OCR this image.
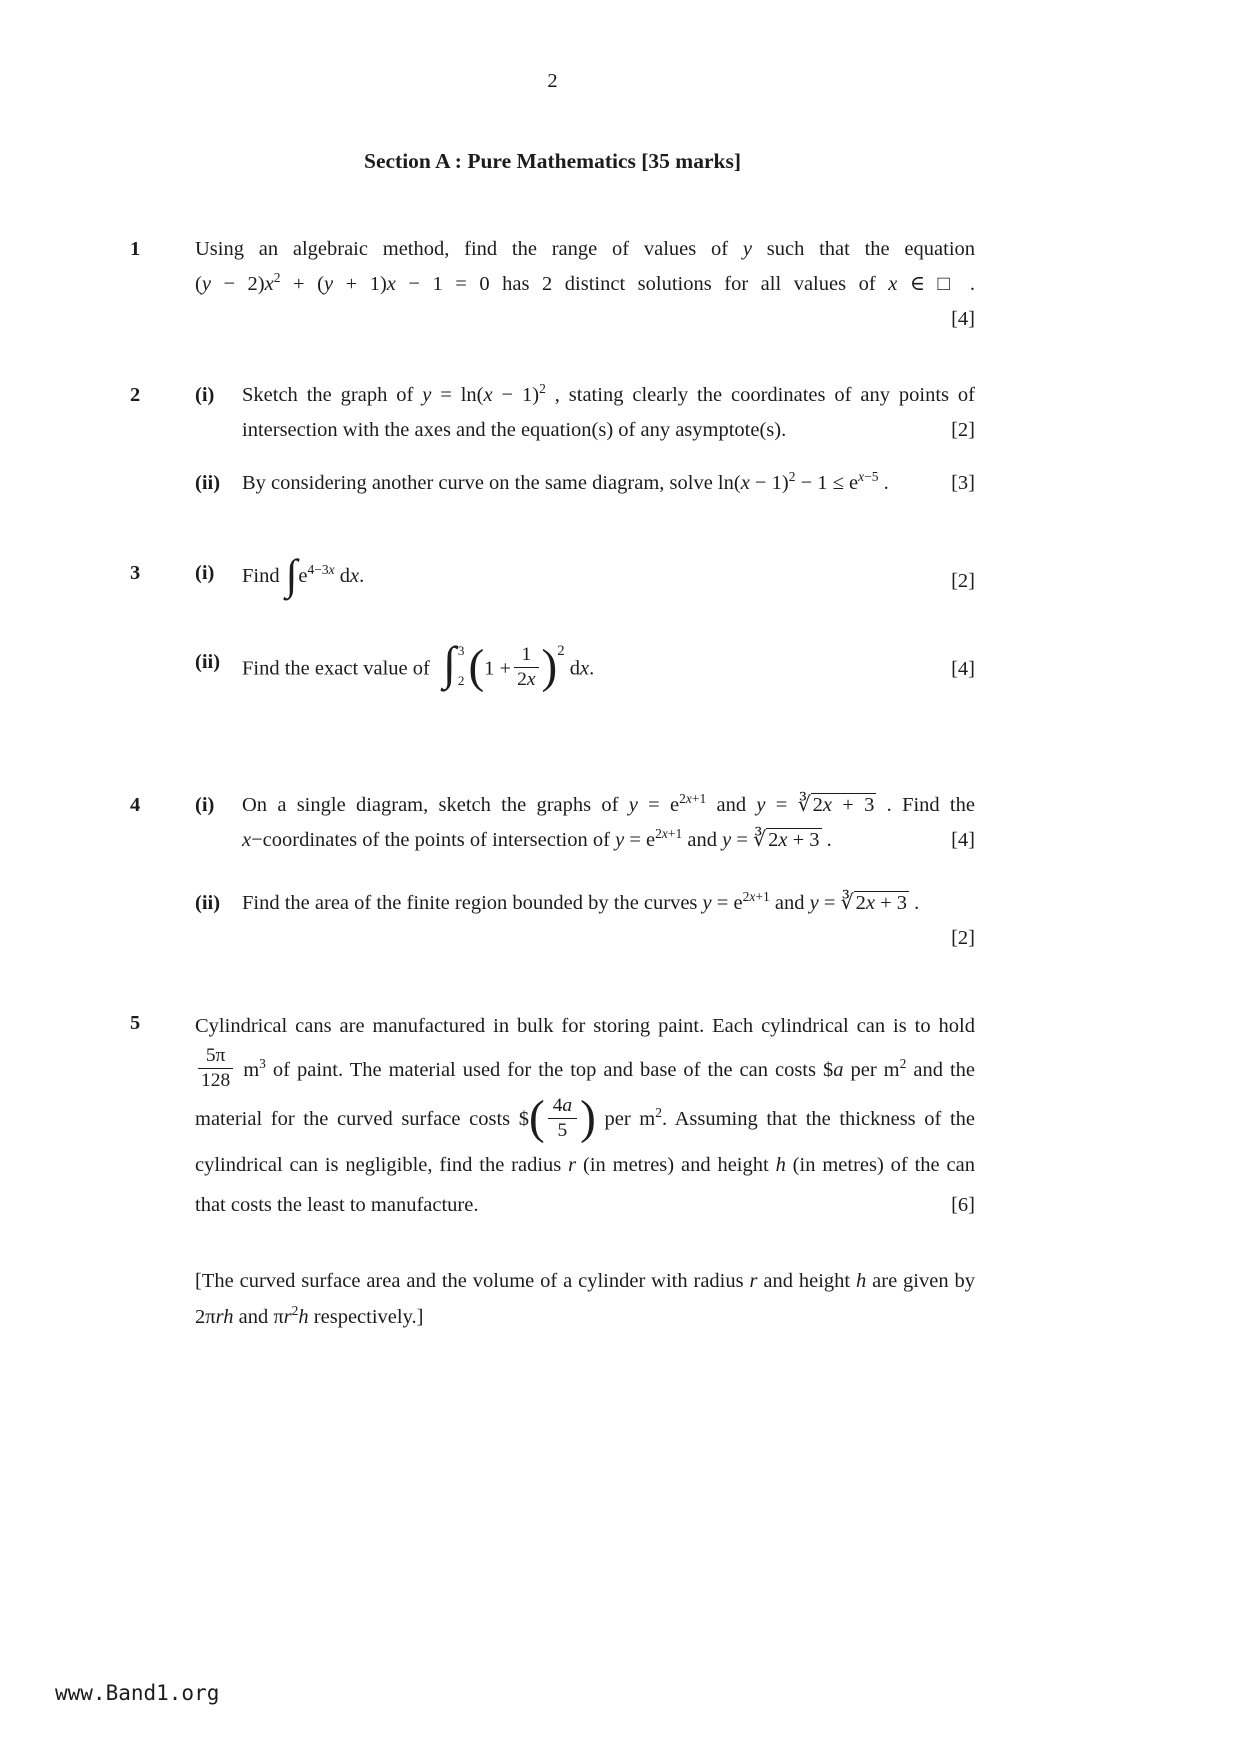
2
Section A : Pure Mathematics [35 marks]
1	Using an algebraic method, find the range of values of y such that the equation
$(y - 2)x^2 + (y + 1)x - 1 = 0$ has 2 distinct solutions for all values of x ∈ □ .
[4]
2	(i)	Sketch the graph of $y = \ln(x - 1)^2$ , stating clearly the coordinates of any points of intersection with the axes and the equation(s) of any asymptote(s).	[2]
(ii)	By considering another curve on the same diagram, solve $\ln(x - 1)^2 - 1 \le e^{x-5}$ .	[3]
3	(i)	Find $\int e^{4-3x}$ dx.	[2]
(ii)	Find the exact value of ∫ 3
2 $(1 + \frac{1}{2x} )^2$
dx.	[4]
4	(i)	On a single diagram, sketch the graphs of $y = e^{2x+1}$ and y = ∛2x + 3 . Find the x−coordinates of the points of intersection of $y = e^{2x+1}$ and y = ∛2x + 3 .	[4]
(ii)	Find the area of the finite region bounded by the curves $y = e^{2x+1}$ and y = ∛2x + 3 .
[2]
5	Cylindrical cans are manufactured in bulk for storing paint. Each cylindrical can is to hold
$\frac{5\pi}{128} m^3$ of paint. The material used for the top and base of the can costs $a per $m^2$ and the material for the curved surface costs $( $\frac{4a}{5}$ ) per $m^2$. Assuming that the thickness of the cylindrical can is negligible, find the radius r (in metres) and height h (in metres) of the can that costs the least to manufacture.	[6]
[The curved surface area and the volume of a cylinder with radius r and height h are given by 2πrh and $\pi r^2h$ respectively.]
www.Band1.org
